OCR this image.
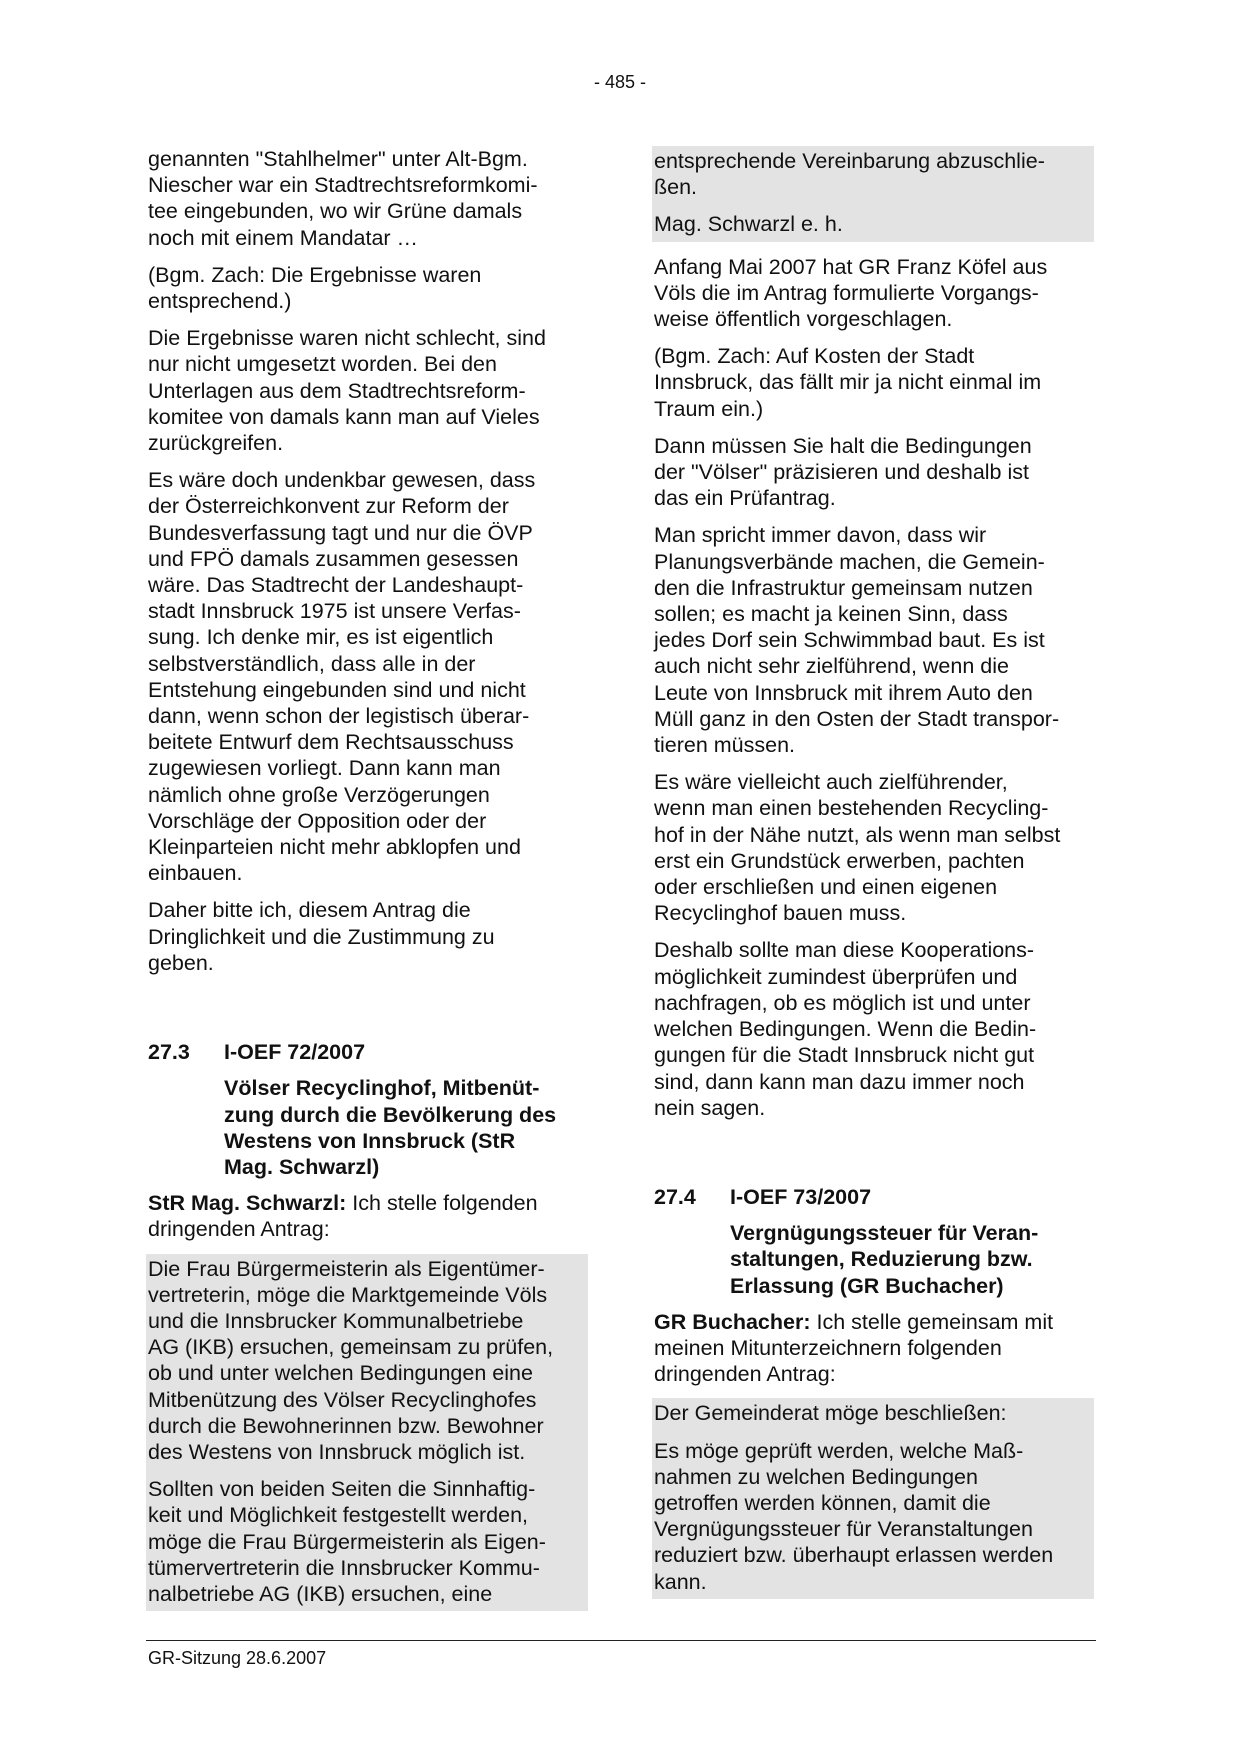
- 485 -

genannten "Stahlhelmer" unter Alt-Bgm.
Niescher war ein Stadtrechtsreformkomi-
tee eingebunden, wo wir Grüne damals
noch mit einem Mandatar …

(Bgm. Zach: Die Ergebnisse waren
entsprechend.)

Die Ergebnisse waren nicht schlecht, sind
nur nicht umgesetzt worden. Bei den
Unterlagen aus dem Stadtrechtsreform-
komitee von damals kann man auf Vieles
zurückgreifen.

Es wäre doch undenkbar gewesen, dass
der Österreichkonvent zur Reform der
Bundesverfassung tagt und nur die ÖVP
und FPÖ damals zusammen gesessen
wäre. Das Stadtrecht der Landeshaupt-
stadt Innsbruck 1975 ist unsere Verfas-
sung. Ich denke mir, es ist eigentlich
selbstverständlich, dass alle in der
Entstehung eingebunden sind und nicht
dann, wenn schon der legistisch überar-
beitete Entwurf dem Rechtsausschuss
zugewiesen vorliegt. Dann kann man
nämlich ohne große Verzögerungen
Vorschläge der Opposition oder der
Kleinparteien nicht mehr abklopfen und
einbauen.

Daher bitte ich, diesem Antrag die
Dringlichkeit und die Zustimmung zu
geben.

27.3	I-OEF 72/2007
Völser Recyclinghof, Mitbenüt-
zung durch die Bevölkerung des
Westens von Innsbruck (StR
Mag. Schwarzl)

StR Mag. Schwarzl: Ich stelle folgenden
dringenden Antrag:

Die Frau Bürgermeisterin als Eigentümer-
vertreterin, möge die Marktgemeinde Völs
und die Innsbrucker Kommunalbetriebe
AG (IKB) ersuchen, gemeinsam zu prüfen,
ob und unter welchen Bedingungen eine
Mitbenützung des Völser Recyclinghofes
durch die Bewohnerinnen bzw. Bewohner
des Westens von Innsbruck möglich ist.

Sollten von beiden Seiten die Sinnhaftig-
keit und Möglichkeit festgestellt werden,
möge die Frau Bürgermeisterin als Eigen-
tümervertreterin die Innsbrucker Kommu-
nalbetriebe AG (IKB) ersuchen, eine

entsprechende Vereinbarung abzuschlie-
ßen.

Mag. Schwarzl e. h.

Anfang Mai 2007 hat GR Franz Köfel aus
Völs die im Antrag formulierte Vorgangs-
weise öffentlich vorgeschlagen.

(Bgm. Zach: Auf Kosten der Stadt
Innsbruck, das fällt mir ja nicht einmal im
Traum ein.)

Dann müssen Sie halt die Bedingungen
der "Völser" präzisieren und deshalb ist
das ein Prüfantrag.

Man spricht immer davon, dass wir
Planungsverbände machen, die Gemein-
den die Infrastruktur gemeinsam nutzen
sollen; es macht ja keinen Sinn, dass
jedes Dorf sein Schwimmbad baut. Es ist
auch nicht sehr zielführend, wenn die
Leute von Innsbruck mit ihrem Auto den
Müll ganz in den Osten der Stadt transpor-
tieren müssen.

Es wäre vielleicht auch zielführender,
wenn man einen bestehenden Recycling-
hof in der Nähe nutzt, als wenn man selbst
erst ein Grundstück erwerben, pachten
oder erschließen und einen eigenen
Recyclinghof bauen muss.

Deshalb sollte man diese Kooperations-
möglichkeit zumindest überprüfen und
nachfragen, ob es möglich ist und unter
welchen Bedingungen. Wenn die Bedin-
gungen für die Stadt Innsbruck nicht gut
sind, dann kann man dazu immer noch
nein sagen.

27.4	I-OEF 73/2007
Vergnügungssteuer für Veran-
staltungen, Reduzierung bzw.
Erlassung (GR Buchacher)

GR Buchacher: Ich stelle gemeinsam mit
meinen Mitunterzeichnern folgenden
dringenden Antrag:

Der Gemeinderat möge beschließen:

Es möge geprüft werden, welche Maß-
nahmen zu welchen Bedingungen
getroffen werden können, damit die
Vergnügungssteuer für Veranstaltungen
reduziert bzw. überhaupt erlassen werden
kann.

GR-Sitzung 28.6.2007
